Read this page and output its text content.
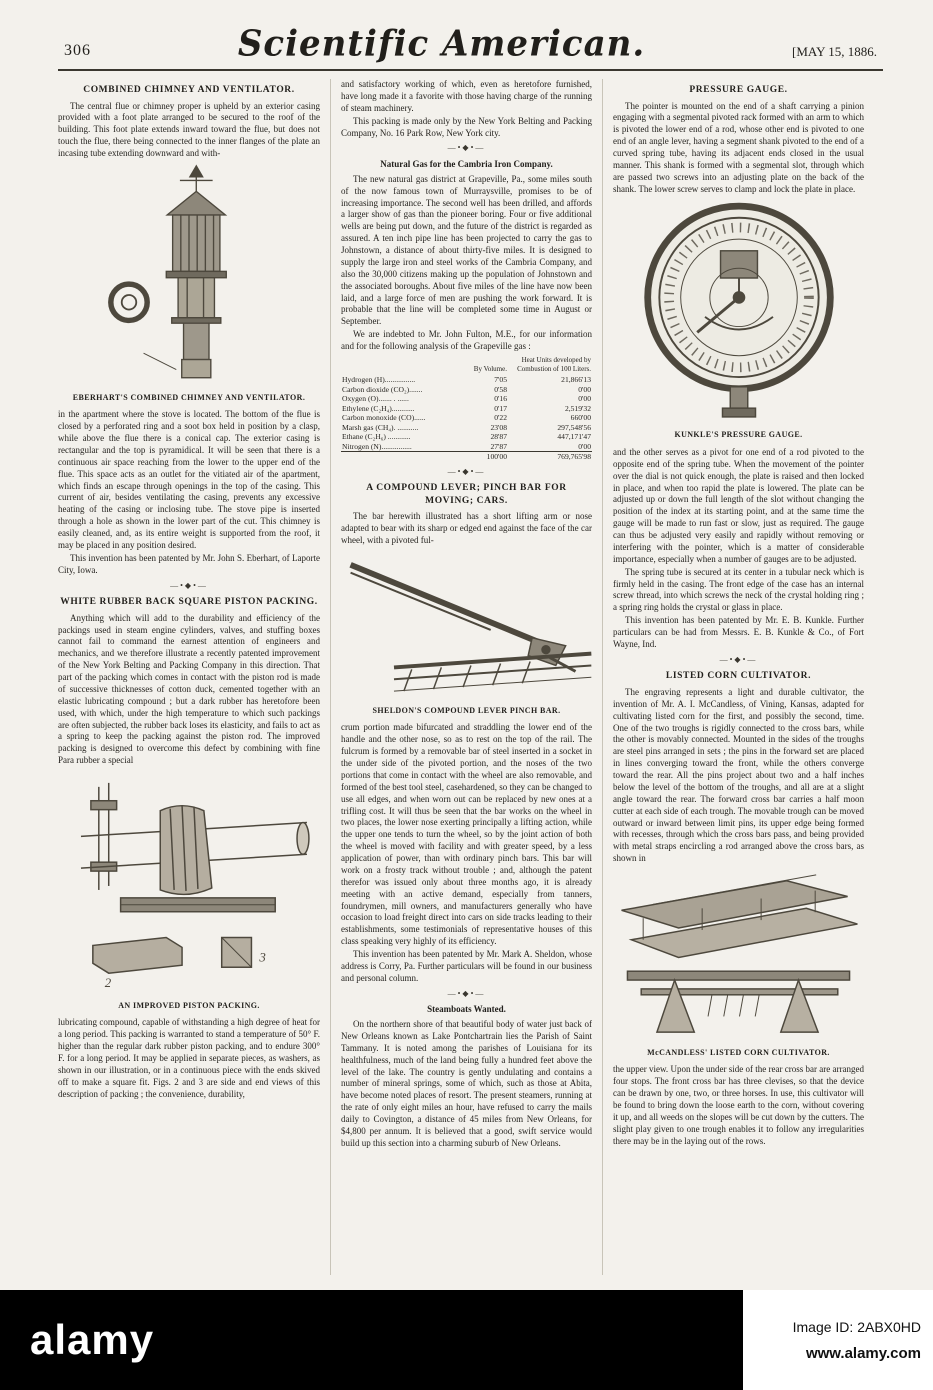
306	Scientific American.	[MAY 15, 1886.
COMBINED CHIMNEY AND VENTILATOR.

The central flue or chimney proper is upheld by an exterior casing provided with a foot plate arranged to be secured to the roof of the building. This foot plate extends inward toward the flue, but does not touch the flue, there being connected to the inner flanges of the plate an incasing tube extending downward and with-

EBERHART'S COMBINED CHIMNEY AND VENTILATOR.

in the apartment where the stove is located. The bottom of the flue is closed by a perforated ring and a soot box held in position by a clasp, while above the flue there is a conical cap. The exterior casing is rectangular and the top is pyramidical. It will be seen that there is a continuous air space reaching from the lower to the upper end of the flue. This space acts as an outlet for the vitiated air of the apartment, which finds an escape through openings in the top of the casing. This current of air, besides ventilating the casing, prevents any excessive heating of the casing or inclosing tube. The stove pipe is inserted through a hole as shown in the lower part of the cut. This chimney is easily cleaned, and, as its entire weight is supported from the roof, it may be placed in any position desired.

This invention has been patented by Mr. John S. Eberhart, of Laporte City, Iowa.

—•◆•—
WHITE RUBBER BACK SQUARE PISTON PACKING.

Anything which will add to the durability and efficiency of the packings used in steam engine cylinders, valves, and stuffing boxes cannot fail to command the earnest attention of engineers and mechanics, and we therefore illustrate a recently patented improvement of the New York Belting and Packing Company in this direction. That part of the packing which comes in contact with the piston rod is made of successive thicknesses of cotton duck, cemented together with an elastic lubricating compound ; but a dark rubber has heretofore been used, with which, under the high temperature to which such packings are often subjected, the rubber back loses its elasticity, and fails to act as a spring to keep the packing against the piston rod. The improved packing is designed to overcome this defect by combining with fine Para rubber a special

2
3
AN IMPROVED PISTON PACKING.

lubricating compound, capable of withstanding a high degree of heat for a long period. This packing is warranted to stand a temperature of 50° F. higher than the regular dark rubber piston packing, and to endure 300° F. for a long period. It may be applied in separate pieces, as washers, as shown in our illustration, or in a continuous piece with the ends skived off to make a square fit. Figs. 2 and 3 are side and end views of this description of packing ; the convenience, durability,

and satisfactory working of which, even as heretofore furnished, have long made it a favorite with those having charge of the running of steam machinery.

This packing is made only by the New York Belting and Packing Company, No. 16 Park Row, New York city.

—•◆•—
Natural Gas for the Cambria Iron Company.

The new natural gas district at Grapeville, Pa., some miles south of the now famous town of Murraysville, promises to be of increasing importance. The second well has been drilled, and affords a larger show of gas than the pioneer boring. Four or five additional wells are being put down, and the future of the district is regarded as assured. A ten inch pipe line has been projected to carry the gas to Johnstown, a distance of about thirty-five miles. It is designed to supply the large iron and steel works of the Cambria Company, and also the 30,000 citizens making up the population of Johnstown and the associated boroughs. About five miles of the line have now been laid, and a large force of men are pushing the work forward. It is probable that the line will be completed some time in August or September.

We are indebted to Mr. John Fulton, M.E., for our information and for the following analysis of the Grapeville gas :

	By Volume.	Heat Units developed by Combustion of 100 Liters.
Hydrogen (H)................	7'05	21,866'13
Carbon dioxide (CO₂).......	0'58	0'00
Oxygen (O)....... . ......	0'16	0'00
Ethylene (C₂H₄)............	0'17	2,519'32
Carbon monoxide (CO)......	0'22	660'00
Marsh gas (CH₄). ...........	23'08	297,548'56
Ethane (C₂H₆) ............	28'87	447,171'47
Nitrogen (N)................	27'87	0'00
	100'00	769,765'98
—•◆•—
A COMPOUND LEVER; PINCH BAR FOR MOVING; CARS.

The bar herewith illustrated has a short lifting arm or nose adapted to bear with its sharp or edged end against the face of the car wheel, with a pivoted ful-

SHELDON'S COMPOUND LEVER PINCH BAR.

crum portion made bifurcated and straddling the lower end of the handle and the other nose, so as to rest on the top of the rail. The fulcrum is formed by a removable bar of steel inserted in a socket in the under side of the pivoted portion, and the noses of the two portions that come in contact with the wheel are also removable, and formed of the best tool steel, casehardened, so they can be changed to use all edges, and when worn out can be replaced by new ones at a trifling cost. It will thus be seen that the bar works on the wheel in two places, the lower nose exerting principally a lifting action, while the upper one tends to turn the wheel, so by the joint action of both the wheel is moved with facility and with greater speed, by a less application of power, than with ordinary pinch bars. This bar will work on a frosty track without trouble ; and, although the patent therefor was issued only about three months ago, it is already meeting with an active demand, especially from tanners, foundrymen, mill owners, and manufacturers generally who have occasion to load freight direct into cars on side tracks leading to their establishments, some testimonials of representative houses of this class speaking very highly of its efficiency.

This invention has been patented by Mr. Mark A. Sheldon, whose address is Corry, Pa. Further particulars will be found in our business and personal column.

—•◆•—
Steamboats Wanted.

On the northern shore of that beautiful body of water just back of New Orleans known as Lake Pontchartrain lies the Parish of Saint Tammany. It is noted among the parishes of Louisiana for its healthfulness, much of the land being fully a hundred feet above the level of the lake. The country is gently undulating and contains a number of mineral springs, some of which, such as those at Abita, have become noted places of resort. The present steamers, running at the rate of only eight miles an hour, have refused to carry the mails daily to Covington, a distance of 45 miles from New Orleans, for $4,800 per annum. It is believed that a good, swift service would build up this section into a charming suburb of New Orleans.

PRESSURE GAUGE.

The pointer is mounted on the end of a shaft carrying a pinion engaging with a segmental pivoted rack formed with an arm to which is pivoted the lower end of a rod, whose other end is pivoted to one end of an angle lever, having a segment shank pivoted to the end of a curved spring tube, having its adjacent ends closed in the usual manner. This shank is formed with a segmental slot, through which are passed two screws into an adjusting plate on the back of the shank. The lower screw serves to clamp and lock the plate in place.

KUNKLE'S PRESSURE GAUGE.

and the other serves as a pivot for one end of a rod pivoted to the opposite end of the spring tube. When the movement of the pointer over the dial is not quick enough, the plate is raised and then locked in place, and when too rapid the plate is lowered. The plate can be adjusted up or down the full length of the slot without changing the position of the index at its starting point, and at the same time the gauge will be made to run fast or slow, just as required. The gauge can thus be adjusted very easily and rapidly without removing or interfering with the pointer, which is a matter of considerable importance, especially when a number of gauges are to be adjusted.

The spring tube is secured at its center in a tubular neck which is firmly held in the casing. The front edge of the case has an internal screw thread, into which screws the neck of the crystal holding ring ; a spring ring holds the crystal or glass in place.

This invention has been patented by Mr. E. B. Kunkle. Further particulars can be had from Messrs. E. B. Kunkle & Co., of Fort Wayne, Ind.

—•◆•—
LISTED CORN CULTIVATOR.

The engraving represents a light and durable cultivator, the invention of Mr. A. I. McCandless, of Vining, Kansas, adapted for cultivating listed corn for the first, and possibly the second, time. One of the two troughs is rigidly connected to the cross bars, while the other is movably connected. Mounted in the sides of the troughs are steel pins arranged in sets ; the pins in the forward set are placed in lines converging toward the front, while the others converge toward the rear. All the pins project about two and a half inches below the level of the bottom of the troughs, and all are at a slight angle toward the rear. The forward cross bar carries a half moon cutter at each side of each trough. The movable trough can be moved outward or inward between limit pins, its upper edge being formed with recesses, through which the cross bars pass, and being provided with metal straps encircling a rod arranged above the cross bars, as shown in

McCANDLESS' LISTED CORN CULTIVATOR.

the upper view. Upon the under side of the rear cross bar are arranged four stops. The front cross bar has three clevises, so that the device can be drawn by one, two, or three horses. In use, this cultivator will be found to bring down the loose earth to the corn, without covering it up, and all weeds on the slopes will be cut down by the cutters. The slight play given to one trough enables it to follow any irregularities there may be in the laying out of the rows.

alamy	Image ID: 2ABX0HD
www.alamy.com
